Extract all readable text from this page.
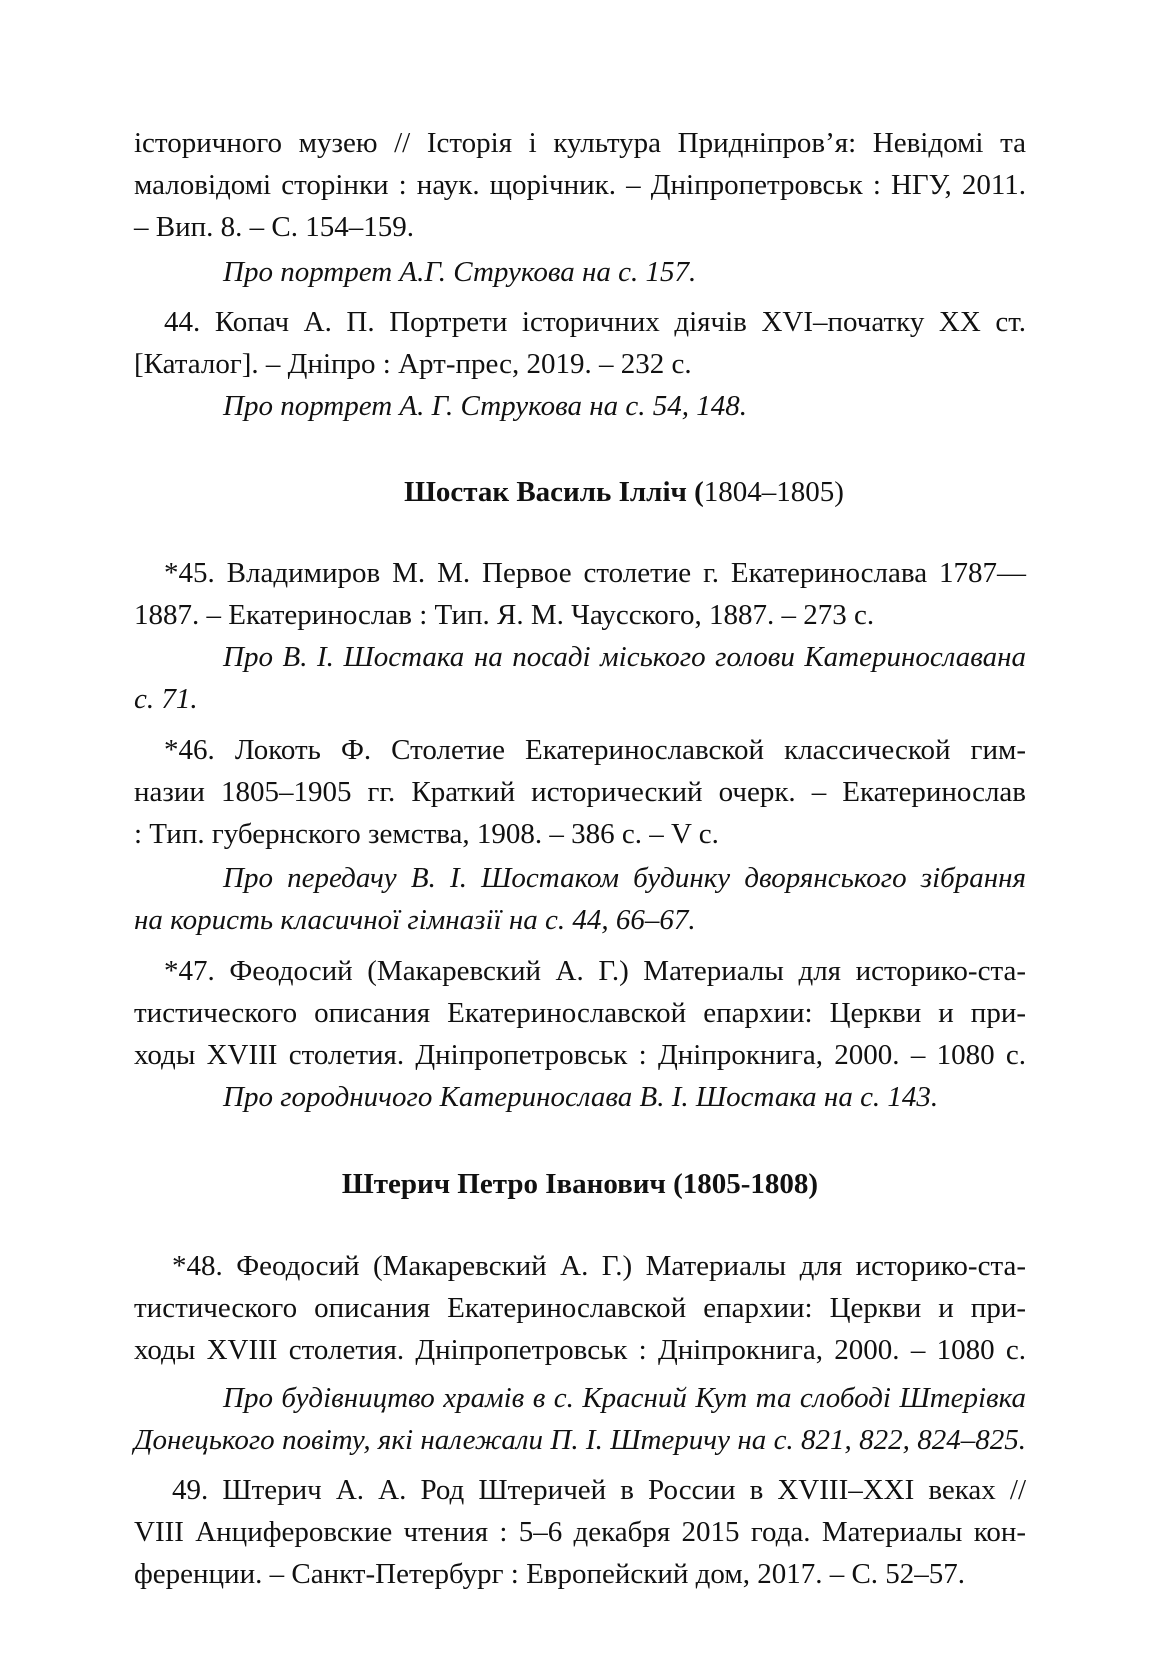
історичного музею // Історія і культура Придніпров’я: Невідомі та

маловідомі сторінки : наук. щорічник. – Дніпропетровськ : НГУ, 2011.

– Вип. 8. – С. 154–159.

Про портрет А.Г. Струкова на с. 157.

44. Копач А. П. Портрети історичних діячів XVI–початку XX ст.

[Каталог]. – Дніпро : Арт-прес, 2019. – 232 с.

Про портрет А. Г. Струкова на с. 54, 148.

Шостак Василь Ілліч (1804–1805)

*45. Владимиров М. М. Первое столетие г. Екатеринослава 1787—

1887. – Екатеринослав : Тип. Я. М. Чаусского, 1887. – 273 с.

Про В. І. Шостака на посаді міського голови Катеринославана

с. 71.

*46. Локоть Ф. Столетие Екатеринославской классической гим-

назии 1805–1905 гг. Краткий исторический очерк. – Екатеринослав

: Тип. губернского земства, 1908. – 386 с. – V с.

Про передачу В. І. Шостаком будинку дворянського зібрання

на користь класичної гімназії на с. 44, 66–67.

*47. Феодосий (Макаревский А. Г.) Материалы для историко-ста-

тистического описания Екатеринославской епархии: Церкви и при-

ходы XVIII столетия. Дніпропетровськ : Дніпрокнига, 2000. – 1080 с.

Про городничого Катеринослава В. І. Шостака на с. 143.

Штерич Петро Іванович (1805-1808)

*48. Феодосий (Макаревский А. Г.) Материалы для историко-ста-

тистического описания Екатеринославской епархии: Церкви и при-

ходы XVIII столетия. Дніпропетровськ : Дніпрокнига, 2000. – 1080 с.

Про будівництво храмів в с. Красний Кут та слободі Штерівка

Донецького повіту, які належали П. І. Штеричу на с. 821, 822, 824–825.

49. Штерич А. А. Род Штеричей в России в XVIII–XXI веках //

VIII Анциферовские чтения : 5–6 декабря 2015 года. Материалы кон-

ференции. – Санкт-Петербург : Европейский дом, 2017. – С. 52–57.
